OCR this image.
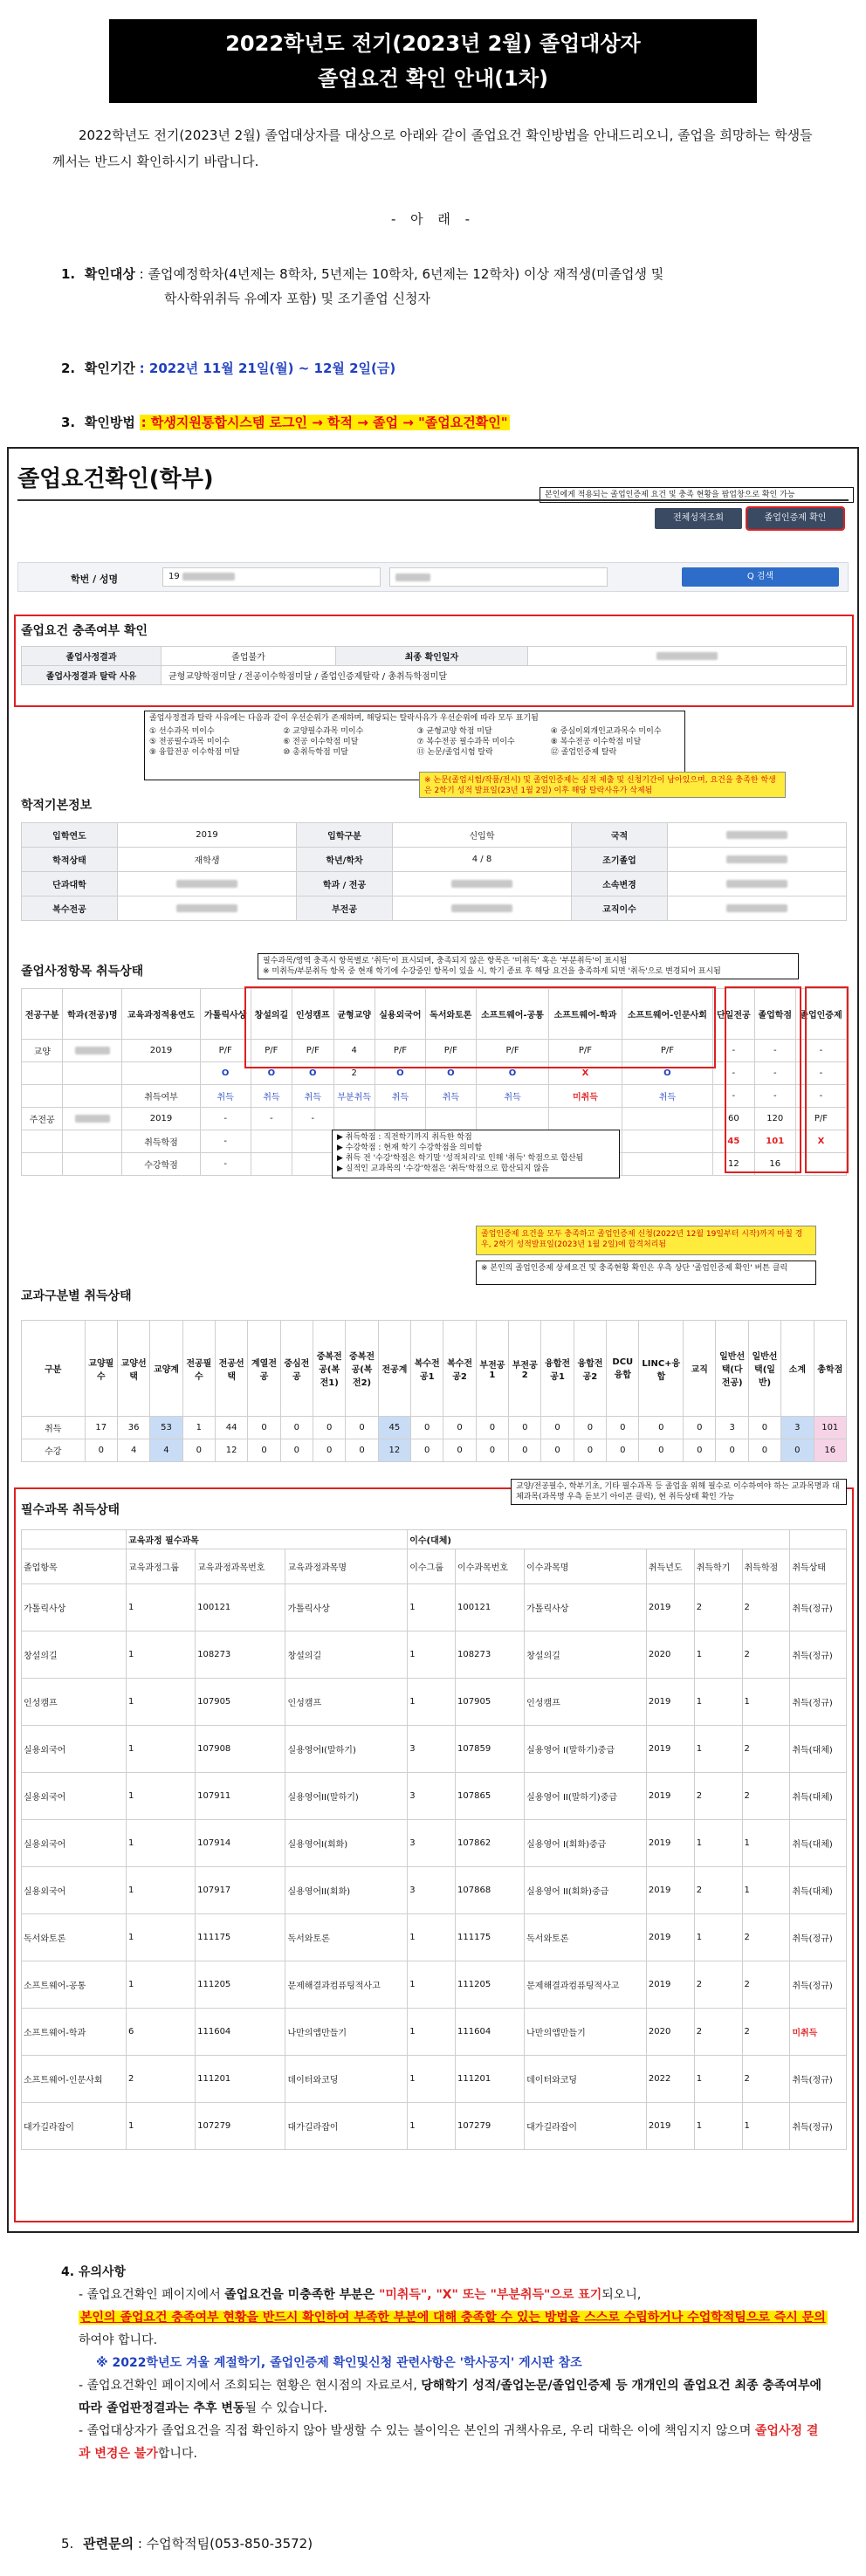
2022학년도 전기(2023년 2월) 졸업대상자
졸업요건 확인 안내(1차)
2022학년도 전기(2023년 2월) 졸업대상자를 대상으로 아래와 같이 졸업요건 확인방법을 안내드리오니, 졸업을 희망하는 학생들께서는 반드시 확인하시기 바랍니다.
- 아 래 -
1. 확인대상 : 졸업예정학차(4년제는 8학차, 5년제는 10학차, 6년제는 12학차) 이상 재적생(미졸업생 및
학사학위취득 유예자 포함) 및 조기졸업 신청자
2. 확인기간 : 2022년 11월 21일(월) ~ 12월 2일(금)
3. 확인방법 : 학생지원통합시스템 로그인 → 학적 → 졸업 → "졸업요건확인"
졸업요건확인(학부)
본인에게 적용되는 졸업인증제 요건 및 충족 현황을 팝업창으로 확인 가능
전체성적조회	졸업인증제 확인
학번 / 성명	19	Q 검색
졸업요건 충족여부 확인
졸업사정결과	졸업불가	최종 확인일자	
졸업사정결과 탈락 사유	균형교양학점미달 / 전공이수학점미달 / 졸업인증제탈락 / 총취득학점미달		
졸업사정결과 탈락 사유에는 다음과 같이 우선순위가 존재하며, 해당되는 탈락사유가 우선순위에 따라 모두 표기됨
① 선수과목 미이수
⑤ 전공필수과목 미이수
⑨ 융합전공 이수학점 미달
② 교양필수과목 미이수
⑥ 전공 이수학점 미달
⑩ 총취득학점 미달
③ 균형교양 학점 미달
⑦ 복수전공 필수과목 미이수
⑪ 논문/졸업시험 탈락
④ 중심이외개인교과목수 미이수
⑧ 복수전공 이수학점 미달
⑫ 졸업인증제 탈락
※ 논문(졸업시험/작품/전시) 및 졸업인증제는 심적 제출 및 신청기간이 남아있으며, 요건을 충족한 학생은 2학기 성적 발표일(23년 1월 2일) 이후 해당 탈락사유가 삭제됨
학적기본정보
입학연도	2019	입학구분	신입학	국적	
학적상태	재학생	학년/학차	4 / 8	조기졸업	
단과대학		학과 / 전공		소속변경	
복수전공		부전공		교직이수	
졸업사정항목 취득상태
필수과목/영역 충족시 항목별로 '취득'이 표시되며, 충족되지 않은 항목은 '미취득' 혹은 '부분취득'이 표시됨
※ 미취득/부분취득 항목 중 현재 학기에 수강중인 항목이 있을 시, 학기 종료 후 해당 요건을 충족하게 되면 '취득'으로 변경되어 표시됨
전공구분	학과(전공)명	교육과정적용연도	가톨릭사상	창설의길	인성캠프	균형교양	실용외국어	독서와토론	소프트웨어-공통	소프트웨어-학과	소프트웨어-인문사회	단일전공	졸업학점	졸업인증제
교양		2019	P/F	P/F	P/F	4	P/F	P/F	P/F	P/F	P/F	-	-	-
			O	O	O	2	O	O	O	X	O	-	-	-
		취득여부	취득	취득	취득	부분취득	취득	취득	취득	미취득	취득	-	-	-
주전공		2019	-	-	-							60	120	P/F
		취득학점	-									45	101	X
		수강학점	-									12	16	
▶ 취득학점 : 직전학기까지 취득한 학점
▶ 수강학점 : 현재 학기 수강학점을 의미함
▶ 취득 전 '수강'학점은 학기말 '성적처리'로 인해 '취득' 학점으로 합산됨
▶ 실적인 교과목의 '수강'학점은 '취득'학점으로 합산되지 않음
졸업인증제 요건을 모두 충족하고 졸업인증제 신청(2022년 12월 19일부터 시작)까지 마칠 경우, 2학기 성적발표일(2023년 1월 2일)에 합격처리됨
※ 본인의 졸업인증제 상세요건 및 충족현황 확인은 우측 상단 '졸업인증제 확인' 버튼 클릭
교과구분별 취득상태
구분	교양필수	교양선택	교양계	전공필수	전공선택	계열전공	중심전공	중복전공(복전1)	중복전공(복전2)	전공계	복수전공1	복수전공2	부전공1	부전공2	융합전공1	융합전공2	DCU융합	LINC+융합	교직	일반선택(다전공)	일반선택(일반)	소계	총학점
취득	17	36	53	1	44	0	0	0	0	45	0	0	0	0	0	0	0	0	0	3	0	3	101
수강	0	4	4	0	12	0	0	0	0	12	0	0	0	0	0	0	0	0	0	0	0	0	16
필수과목 취득상태
교양/전공필수, 학부기초, 기타 필수과목 등 졸업을 위해 필수로 이수하여야 하는 교과목명과 대체과목(과목명 우측 돋보기 아이콘 클릭), 현 취득상태 확인 가능
	교육과정 필수과목			이수(대체)						
졸업항목	교육과정그룹	교육과정과목번호	교육과정과목명	이수그룹	이수과목번호	이수과목명	취득년도	취득학기	취득학점	취득상태
가톨릭사상	1	100121	가톨릭사상	1	100121	가톨릭사상	2019	2	2	취득(정규)
창설의길	1	108273	창설의길	1	108273	창설의길	2020	1	2	취득(정규)
인성캠프	1	107905	인성캠프	1	107905	인성캠프	2019	1	1	취득(정규)
실용외국어	1	107908	실용영어I(말하기)	3	107859	실용영어 I(말하기)중급	2019	1	2	취득(대체)
실용외국어	1	107911	실용영어II(말하기)	3	107865	실용영어 II(말하기)중급	2019	2	2	취득(대체)
실용외국어	1	107914	실용영어I(회화)	3	107862	실용영어 I(회화)중급	2019	1	1	취득(대체)
실용외국어	1	107917	실용영어II(회화)	3	107868	실용영어 II(회화)중급	2019	2	1	취득(대체)
독서와토론	1	111175	독서와토론	1	111175	독서와토론	2019	1	2	취득(정규)
소프트웨어-공통	1	111205	문제해결과컴퓨팅적사고	1	111205	문제해결과컴퓨팅적사고	2019	2	2	취득(정규)
소프트웨어-학과	6	111604	나만의앱만들기	1	111604	나만의앱만들기	2020	2	2	미취득
소프트웨어-인문사회	2	111201	데이터와코딩	1	111201	데이터와코딩	2022	1	2	취득(정규)
대가길라잡이	1	107279	대가길라잡이	1	107279	대가길라잡이	2019	1	1	취득(정규)
4. 유의사항
- 졸업요건확인 페이지에서 졸업요건을 미충족한 부분은 "미취득", "X" 또는 "부분취득"으로 표기되오니,
본인의 졸업요건 충족여부 현황을 반드시 확인하여 부족한 부분에 대해 충족할 수 있는 방법을 스스로 수립하거나 수업학적팀으로 즉시 문의하여야 합니다.
※ 2022학년도 겨울 계절학기, 졸업인증제 확인및신청 관련사항은 '학사공지' 게시판 참조
- 졸업요건확인 페이지에서 조회되는 현황은 현시점의 자료로서, 당해학기 성적/졸업논문/졸업인증제 등 개개인의 졸업요건 최종 충족여부에 따라 졸업판정결과는 추후 변동될 수 있습니다.
- 졸업대상자가 졸업요건을 직접 확인하지 않아 발생할 수 있는 불이익은 본인의 귀책사유로, 우리 대학은 이에 책임지지 않으며 졸업사정 결과 변경은 불가합니다.
5. 관련문의 : 수업학적팀(053-850-3572)
